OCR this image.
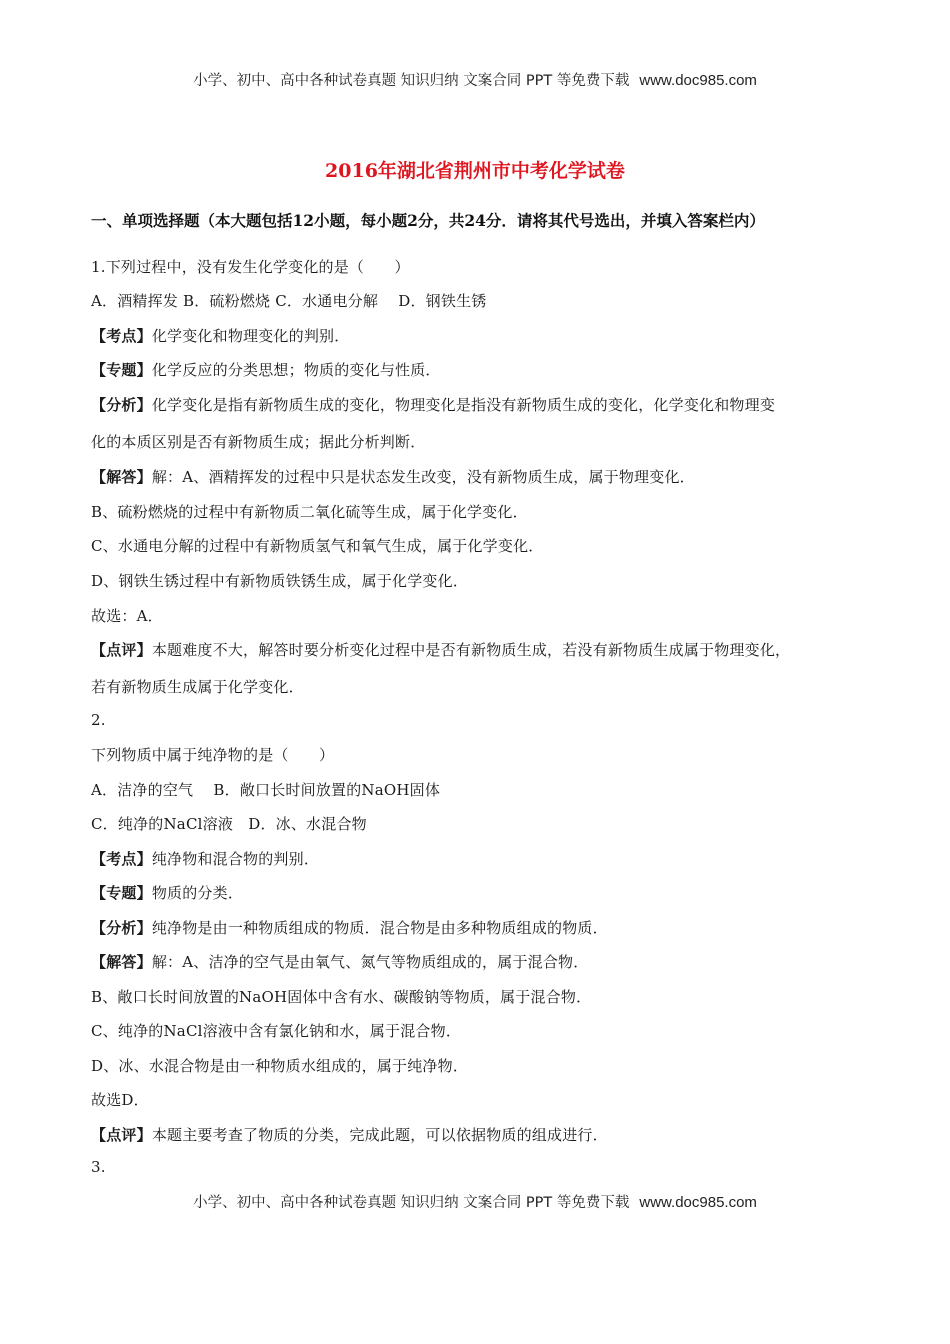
小学、初中、高中各种试卷真题 知识归纳 文案合同 PPT 等免费下载 www.doc985.com
2016年湖北省荆州市中考化学试卷
一、单项选择题（本大题包括12小题，每小题2分，共24分．请将其代号选出，并填入答案栏内）
1.下列过程中，没有发生化学变化的是（　　）
A．酒精挥发 B．硫粉燃烧 C．水通电分解　 D．钢铁生锈
【考点】化学变化和物理变化的判别．
【专题】化学反应的分类思想；物质的变化与性质．
【分析】化学变化是指有新物质生成的变化，物理变化是指没有新物质生成的变化，化学变化和物理变
化的本质区别是否有新物质生成；据此分析判断．
【解答】解：A、酒精挥发的过程中只是状态发生改变，没有新物质生成，属于物理变化．
B、硫粉燃烧的过程中有新物质二氧化硫等生成，属于化学变化．
C、水通电分解的过程中有新物质氢气和氧气生成，属于化学变化．
D、钢铁生锈过程中有新物质铁锈生成，属于化学变化．
故选：A．
【点评】本题难度不大，解答时要分析变化过程中是否有新物质生成，若没有新物质生成属于物理变化，
若有新物质生成属于化学变化．
2.
下列物质中属于纯净物的是（　　）
A．洁净的空气　 B．敞口长时间放置的NaOH固体
C．纯净的NaCl溶液　D．冰、水混合物
【考点】纯净物和混合物的判别．
【专题】物质的分类．
【分析】纯净物是由一种物质组成的物质．混合物是由多种物质组成的物质．
【解答】解：A、洁净的空气是由氧气、氮气等物质组成的，属于混合物．
B、敞口长时间放置的NaOH固体中含有水、碳酸钠等物质，属于混合物．
C、纯净的NaCl溶液中含有氯化钠和水，属于混合物．
D、冰、水混合物是由一种物质水组成的，属于纯净物．
故选D．
【点评】本题主要考查了物质的分类，完成此题，可以依据物质的组成进行．
3.
小学、初中、高中各种试卷真题 知识归纳 文案合同 PPT 等免费下载 www.doc985.com
